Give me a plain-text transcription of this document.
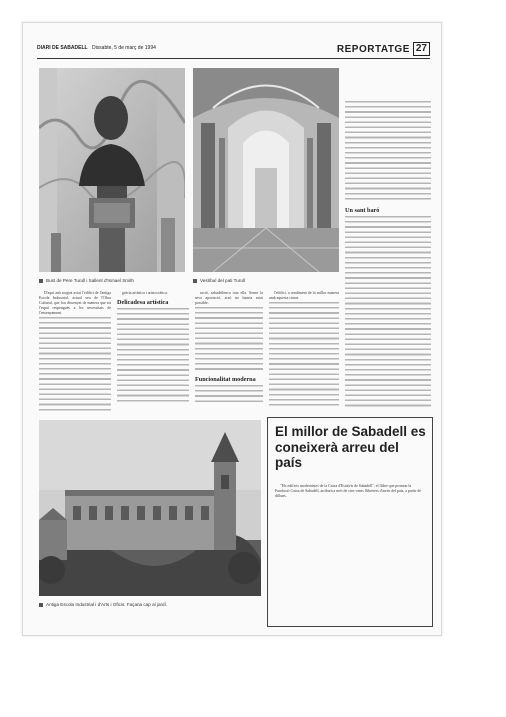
DIARI DE SABADELL Dissabte, 5 de març de 1994	REPORTATGE 27
Bust de Pere Turull i Sallent d'Ismael Smith	Vestíbul del pati Turull
Un sant baró

D'aquí anà sorgint aviat l'edifici de l'antiga Escola Industrial, actual seu de l'Obra Cultural, que fou dissenyat de manera que tot l'espai respongués a les necessitats de l'ensenyament.

gràcia artística i aristocràtica.

Delicadesa artística

ració, sabadellenca tota ella. Sense la seva aportació, això no hauria estat possible.

Funcionalitat moderna

l'edifici, a rendiment de la millor manera amb aquesta ciutat.

Antiga Escola Industrial i d'Arts i Oficis. Façana cap al jardí.
El millor de Sabadell es coneixerà arreu del país

"Els edificis modernistes de la Caixa d'Estalvis de Sabadell", el llibre que promou la Fundació Caixa de Sabadell, arribarà a més de cinc-cents llibreters d'arreu del país, a partir de dilluns.
